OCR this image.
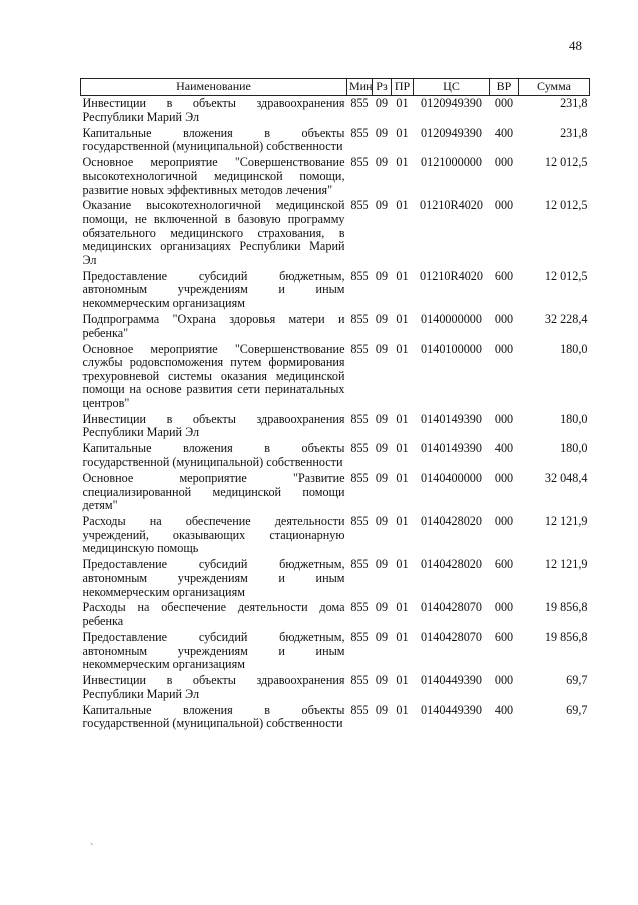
48
Наименование	Мин	Рз	ПР	ЦС	ВР	Сумма
Инвестиции в объекты здравоохранения Республики Марий Эл	855	09	01	0120949390	000	231,8
Капитальные вложения в объекты государственной (муниципальной) собственности	855	09	01	0120949390	400	231,8
Основное мероприятие "Совершенствование высокотехнологичной медицинской помощи, развитие новых эффективных методов лечения"	855	09	01	0121000000	000	12 012,5
Оказание высокотехнологичной медицинской помощи, не включенной в базовую программу обязательного медицинского страхования, в медицинских организациях Республики Марий Эл	855	09	01	01210R4020	000	12 012,5
Предоставление субсидий бюджетным, автономным учреждениям и иным некоммерческим организациям	855	09	01	01210R4020	600	12 012,5
Подпрограмма "Охрана здоровья матери и ребенка"	855	09	01	0140000000	000	32 228,4
Основное мероприятие "Совершенствование службы родовспоможения путем формирования трехуровневой системы оказания медицинской помощи на основе развития сети перинатальных центров"	855	09	01	0140100000	000	180,0
Инвестиции в объекты здравоохранения Республики Марий Эл	855	09	01	0140149390	000	180,0
Капитальные вложения в объекты государственной (муниципальной) собственности	855	09	01	0140149390	400	180,0
Основное мероприятие "Развитие специализированной медицинской помощи детям"	855	09	01	0140400000	000	32 048,4
Расходы на обеспечение деятельности учреждений, оказывающих стационарную медицинскую помощь	855	09	01	0140428020	000	12 121,9
Предоставление субсидий бюджетным, автономным учреждениям и иным некоммерческим организациям	855	09	01	0140428020	600	12 121,9
Расходы на обеспечение деятельности дома ребенка	855	09	01	0140428070	000	19 856,8
Предоставление субсидий бюджетным, автономным учреждениям и иным некоммерческим организациям	855	09	01	0140428070	600	19 856,8
Инвестиции в объекты здравоохранения Республики Марий Эл	855	09	01	0140449390	000	69,7
Капитальные вложения в объекты государственной (муниципальной) собственности	855	09	01	0140449390	400	69,7
`
